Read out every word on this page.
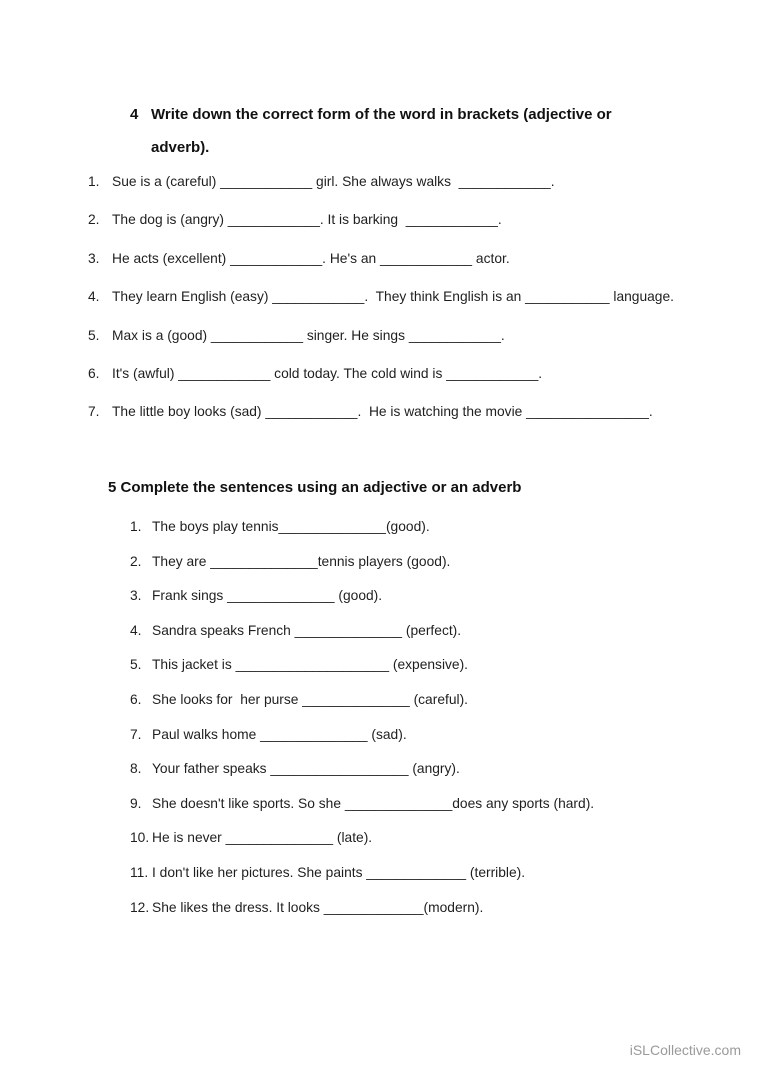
4 Write down the correct form of the word in brackets (adjective or
adverb).
1. Sue is a (careful) ____________ girl. She always walks  ____________.
2. The dog is (angry) ____________. It is barking  ____________.
3. He acts (excellent) ____________. He's an ____________ actor.
4. They learn English (easy) ____________.  They think English is an ___________ language.
5. Max is a (good) ____________ singer. He sings ____________.
6. It's (awful) ____________ cold today. The cold wind is ____________.
7. The little boy looks (sad) ____________.  He is watching the movie ________________.
5 Complete the sentences using an adjective or an adverb
1. The boys play tennis______________(good).
2. They are ______________tennis players (good).
3. Frank sings ______________ (good).
4. Sandra speaks French ______________ (perfect).
5. This jacket is ____________________ (expensive).
6. She looks for  her purse ______________ (careful).
7. Paul walks home ______________ (sad).
8. Your father speaks __________________ (angry).
9. She doesn't like sports. So she ______________does any sports (hard).
10. He is never ______________ (late).
11. I don't like her pictures. She paints _____________ (terrible).
12. She likes the dress. It looks _____________(modern).
iSLCollective.com
